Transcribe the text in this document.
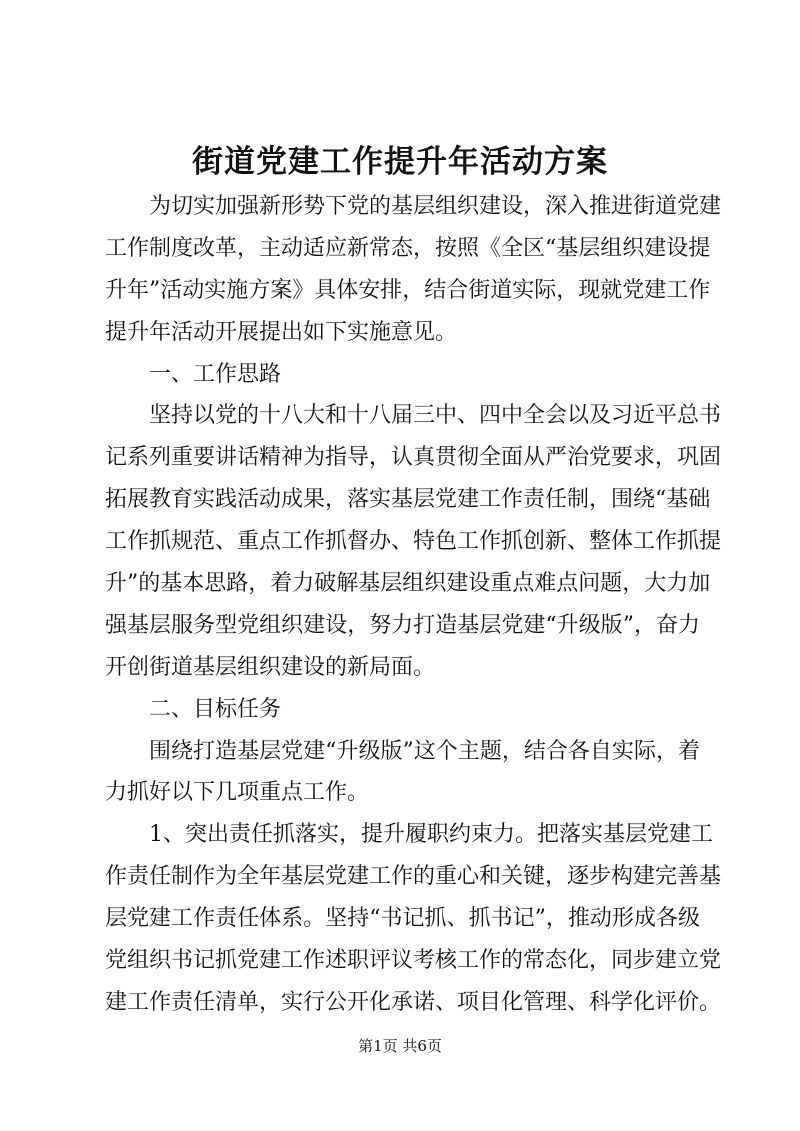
街道党建工作提升年活动方案
为切实加强新形势下党的基层组织建设，深入推进街道党建
工作制度改革，主动适应新常态，按照《全区“基层组织建设提
升年”活动实施方案》具体安排，结合街道实际，现就党建工作
提升年活动开展提出如下实施意见。
一、工作思路
坚持以党的十八大和十八届三中、四中全会以及习近平总书
记系列重要讲话精神为指导，认真贯彻全面从严治党要求，巩固
拓展教育实践活动成果，落实基层党建工作责任制，围绕“基础
工作抓规范、重点工作抓督办、特色工作抓创新、整体工作抓提
升”的基本思路，着力破解基层组织建设重点难点问题，大力加
强基层服务型党组织建设，努力打造基层党建“升级版”，奋力
开创街道基层组织建设的新局面。
二、目标任务
围绕打造基层党建“升级版”这个主题，结合各自实际，着
力抓好以下几项重点工作。
1、突出责任抓落实，提升履职约束力。把落实基层党建工
作责任制作为全年基层党建工作的重心和关键，逐步构建完善基
层党建工作责任体系。坚持“书记抓、抓书记”，推动形成各级
党组织书记抓党建工作述职评议考核工作的常态化，同步建立党
建工作责任清单，实行公开化承诺、项目化管理、科学化评价。
第1页 共6页
